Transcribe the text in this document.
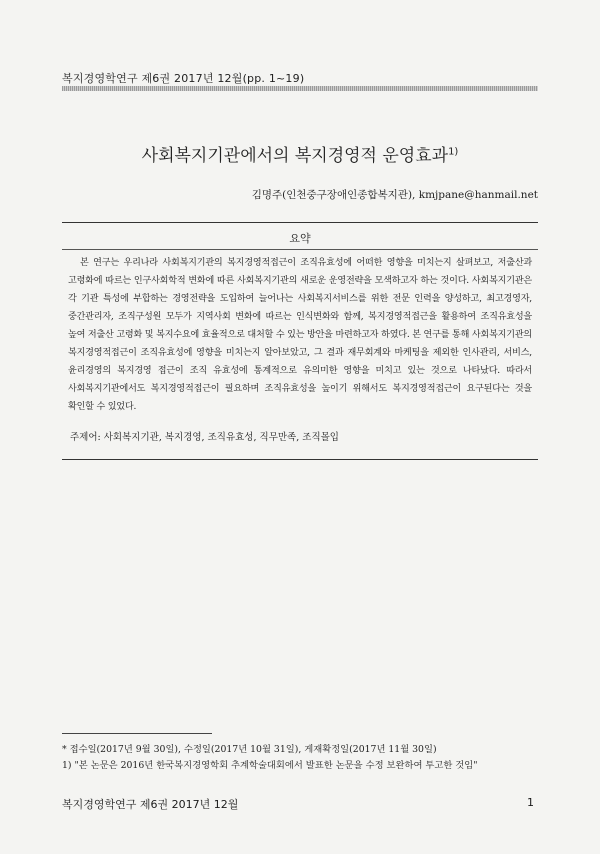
복지경영학연구 제6권 2017년 12월(pp. 1~19)
사회복지기관에서의 복지경영적 운영효과$^{1)}$
김명주(인천중구장애인종합복지관), kmjpane@hanmail.net
요약
본 연구는 우리나라 사회복지기관의 복지경영적접근이 조직유효성에 어떠한 영향을 미치는지 살펴보고, 저출산과 고령화에 따르는 인구사회학적 변화에 따른 사회복지기관의 새로운 운영전략을 모색하고자 하는 것이다. 사회복지기관은 각 기관 특성에 부합하는 경영전략을 도입하여 늘어나는 사회복지서비스를 위한 전문 인력을 양성하고, 최고경영자, 중간관리자, 조직구성원 모두가 지역사회 변화에 따르는 인식변화와 함께, 복지경영적접근을 활용하여 조직유효성을 높여 저출산 고령화 및 복지수요에 효율적으로 대처할 수 있는 방안을 마련하고자 하였다. 본 연구를 통해 사회복지기관의 복지경영적접근이 조직유효성에 영향을 미치는지 알아보았고, 그 결과 재무회계와 마케팅을 제외한 인사관리, 서비스, 윤리경영의 복지경영 접근이 조직 유효성에 통계적으로 유의미한 영향을 미치고 있는 것으로 나타났다. 따라서 사회복지기관에서도 복지경영적접근이 필요하며 조직유효성을 높이기 위해서도 복지경영적접근이 요구된다는 것을 확인할 수 있었다.
주제어: 사회복지기관, 복지경영, 조직유효성, 직무만족, 조직몰입
* 접수일(2017년 9월 30일), 수정일(2017년 10월 31일), 게재확정일(2017년 11월 30일)
1) "본 논문은 2016년 한국복지경영학회 추계학술대회에서 발표한 논문을 수정 보완하여 투고한 것임"
복지경영학연구 제6권 2017년 12월	1
